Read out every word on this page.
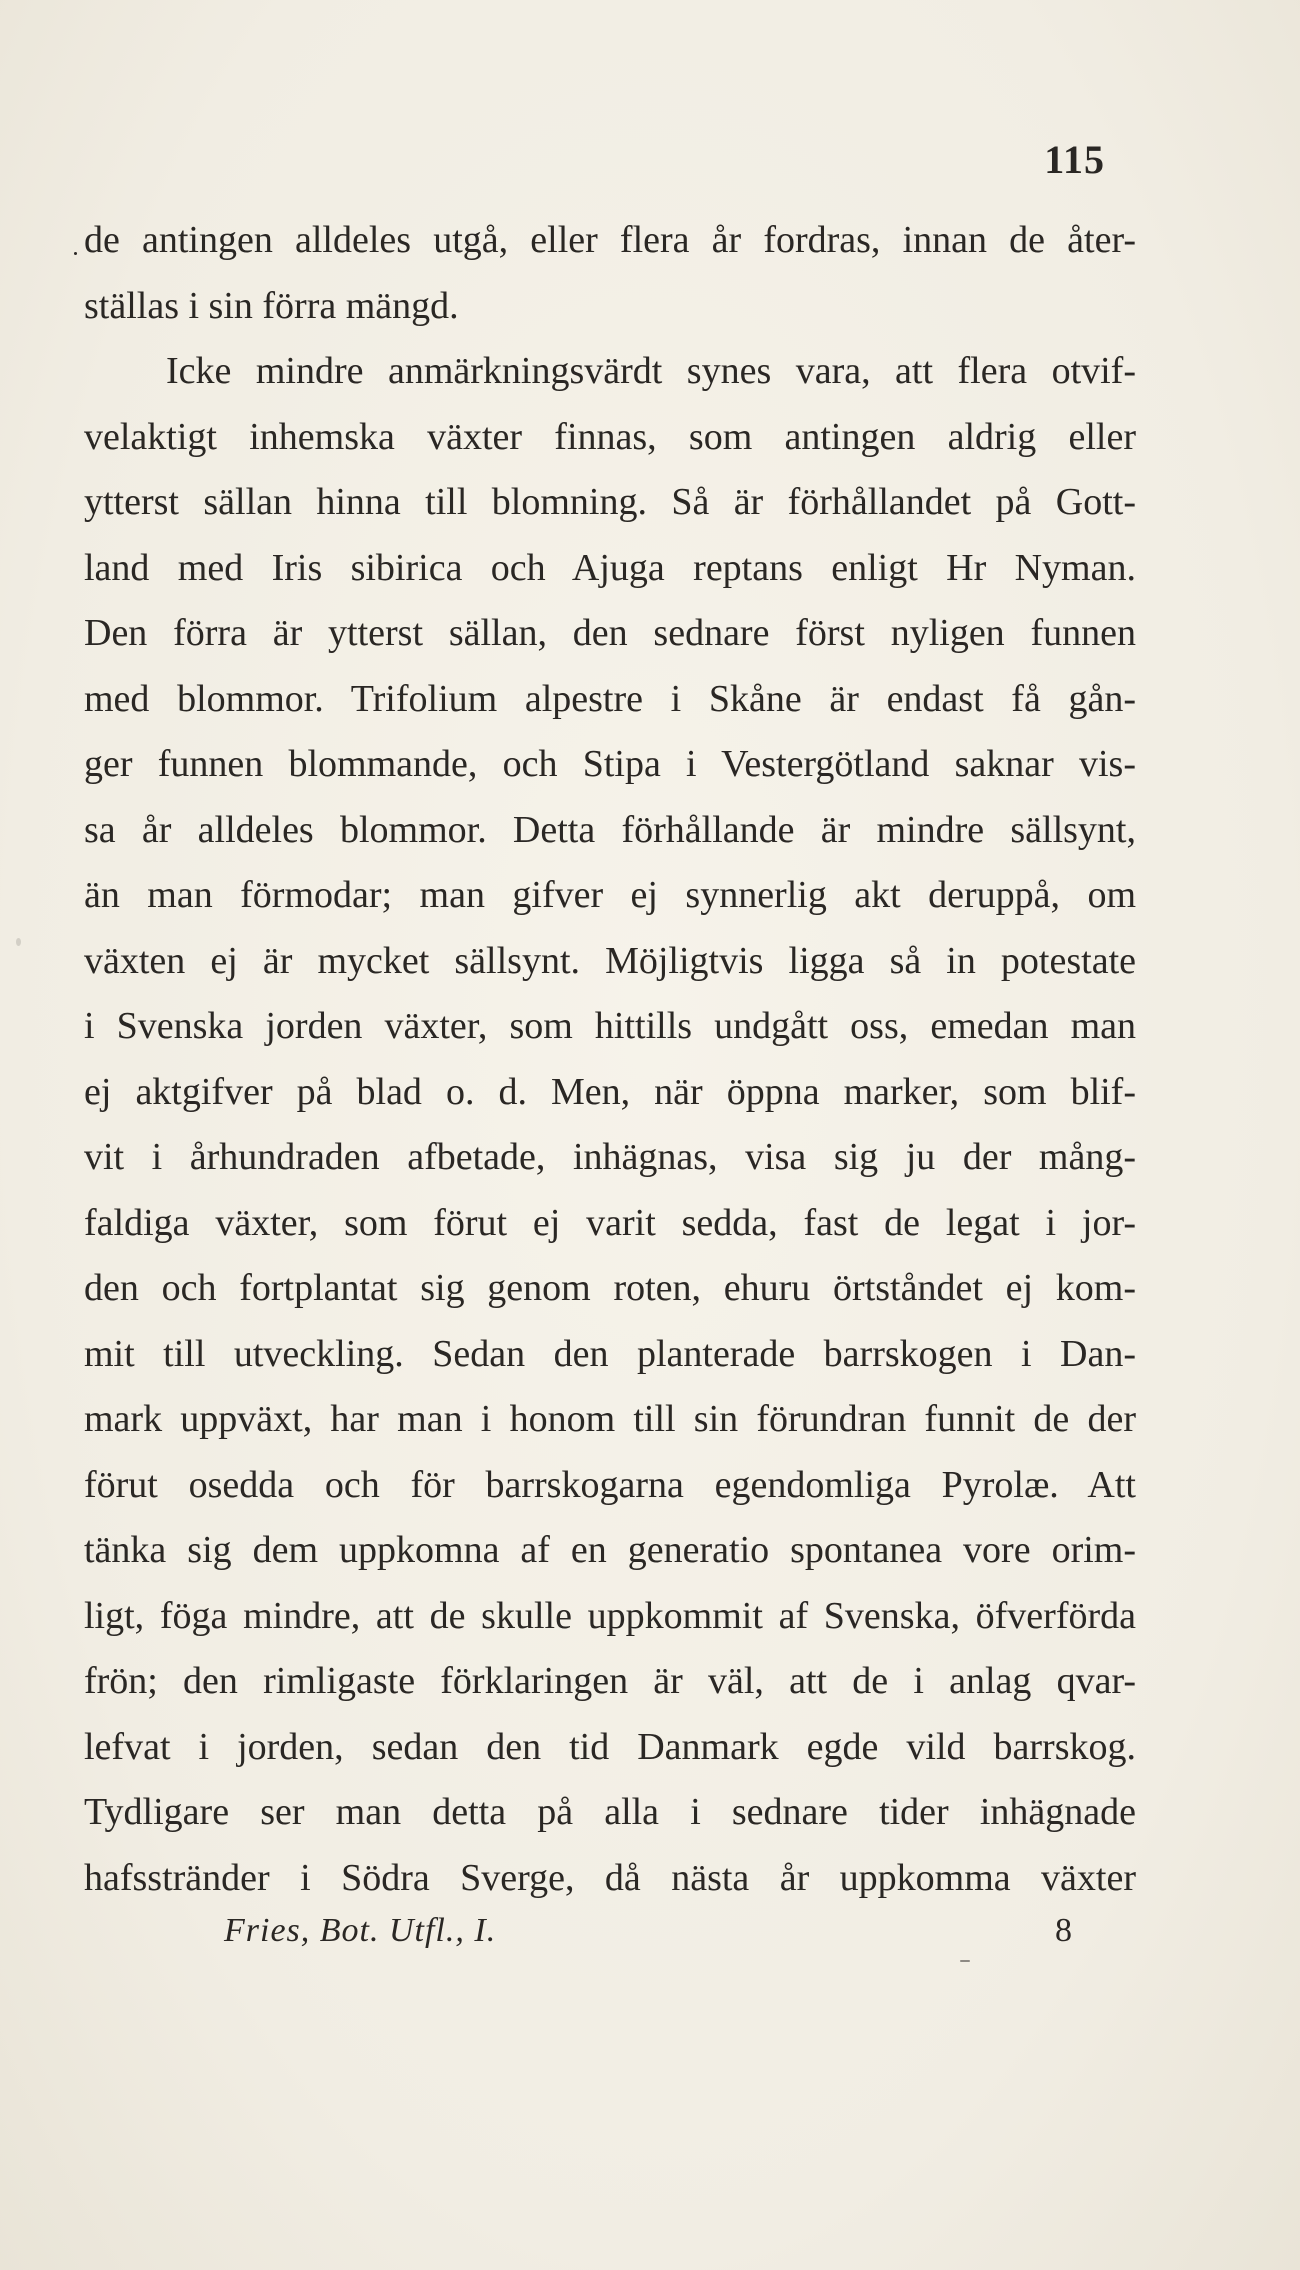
115
de antingen alldeles utgå, eller flera år fordras, innan de åter-
ställas i sin förra mängd.
Icke mindre anmärkningsvärdt synes vara, att flera otvif-
velaktigt inhemska växter finnas, som antingen aldrig eller
ytterst sällan hinna till blomning. Så är förhållandet på Gott-
land med Iris sibirica och Ajuga reptans enligt Hr Nyman.
Den förra är ytterst sällan, den sednare först nyligen funnen
med blommor. Trifolium alpestre i Skåne är endast få gån-
ger funnen blommande, och Stipa i Vestergötland saknar vis-
sa år alldeles blommor. Detta förhållande är mindre sällsynt,
än man förmodar; man gifver ej synnerlig akt deruppå, om
växten ej är mycket sällsynt. Möjligtvis ligga så in potestate
i Svenska jorden växter, som hittills undgått oss, emedan man
ej aktgifver på blad o. d. Men, när öppna marker, som blif-
vit i århundraden afbetade, inhägnas, visa sig ju der mång-
faldiga växter, som förut ej varit sedda, fast de legat i jor-
den och fortplantat sig genom roten, ehuru örtståndet ej kom-
mit till utveckling. Sedan den planterade barrskogen i Dan-
mark uppväxt, har man i honom till sin förundran funnit de der
förut osedda och för barrskogarna egendomliga Pyrolæ. Att
tänka sig dem uppkomna af en generatio spontanea vore orim-
ligt, föga mindre, att de skulle uppkommit af Svenska, öfverförda
frön; den rimligaste förklaringen är väl, att de i anlag qvar-
lefvat i jorden, sedan den tid Danmark egde vild barrskog.
Tydligare ser man detta på alla i sednare tider inhägnade
hafsstränder i Södra Sverge, då nästa år uppkomma växter
Fries, Bot. Utfl., I.	8
